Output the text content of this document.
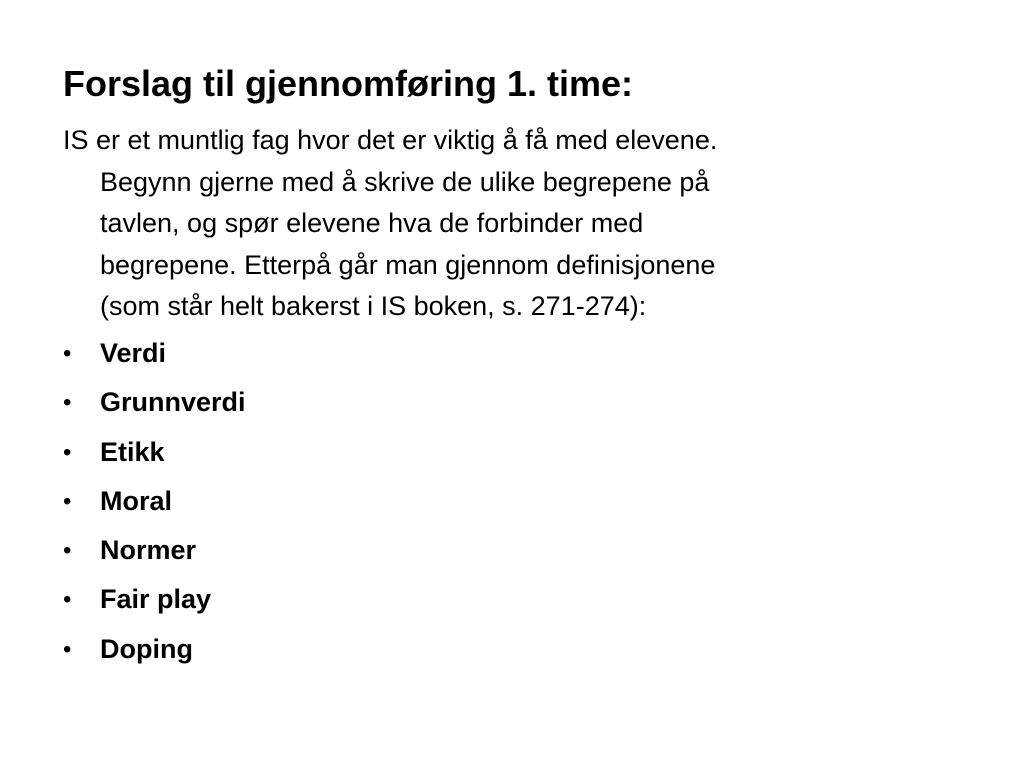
Forslag til gjennomføring 1. time:

IS er et muntlig fag hvor det er viktig å få med elevene.
Begynn gjerne med å skrive de ulike begrepene på
tavlen, og spør elevene hva de forbinder med
begrepene. Etterpå går man gjennom definisjonene
(som står helt bakerst i IS boken, s. 271-274):

•	Verdi
•	Grunnverdi
•	Etikk
•	Moral
•	Normer
•	Fair play
•	Doping
